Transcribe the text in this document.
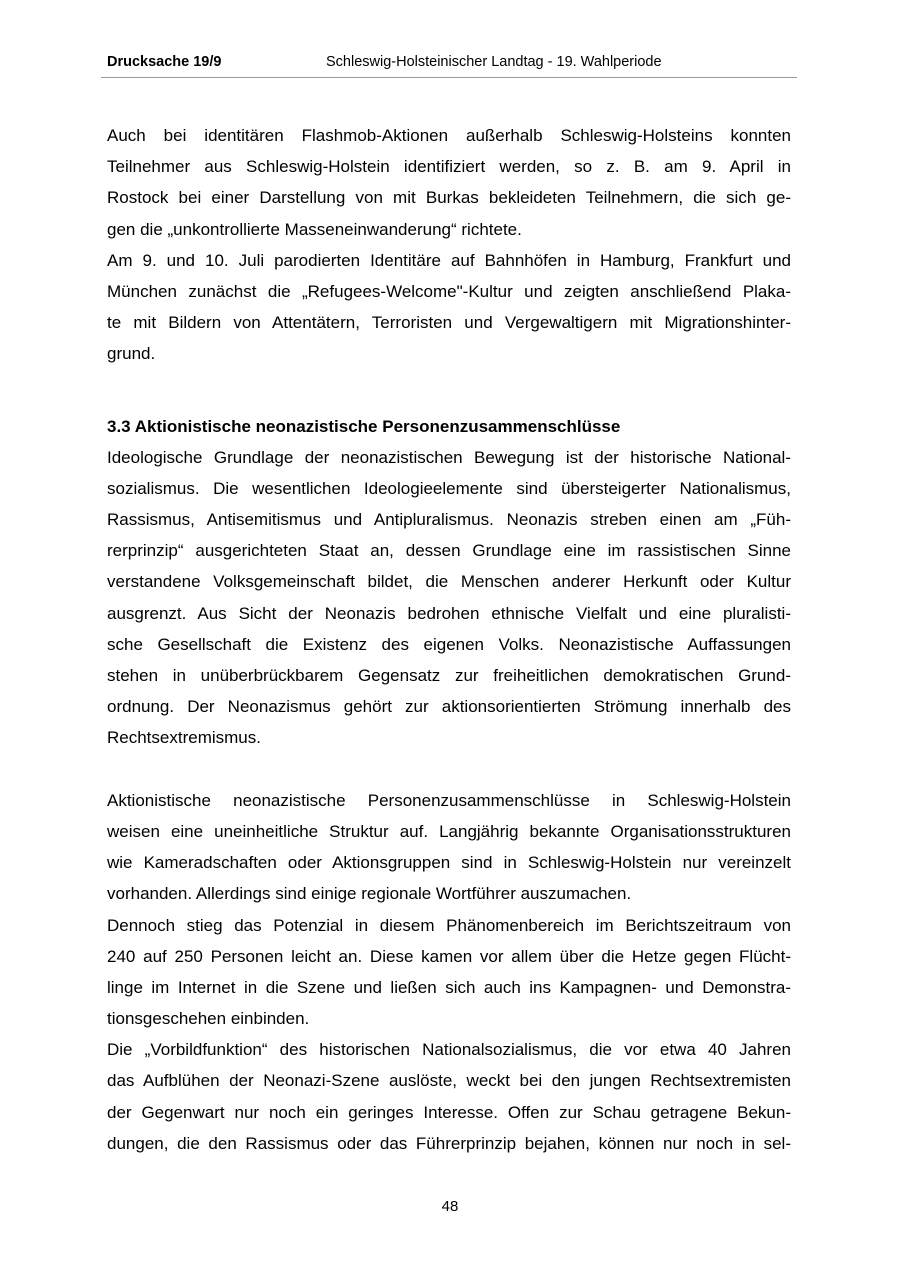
Drucksache 19/9	Schleswig-Holsteinischer Landtag - 19. Wahlperiode
Auch bei identitären Flashmob-Aktionen außerhalb Schleswig-Holsteins konnten
Teilnehmer aus Schleswig-Holstein identifiziert werden, so z. B. am 9. April in
Rostock bei einer Darstellung von mit Burkas bekleideten Teilnehmern, die sich ge-
gen die „unkontrollierte Masseneinwanderung“ richtete.
Am 9. und 10. Juli parodierten Identitäre auf Bahnhöfen in Hamburg, Frankfurt und
München zunächst die „Refugees-Welcome"-Kultur und zeigten anschließend Plaka-
te mit Bildern von Attentätern, Terroristen und Vergewaltigern mit Migrationshinter-
grund.
3.3 Aktionistische neonazistische Personenzusammenschlüsse
Ideologische Grundlage der neonazistischen Bewegung ist der historische National-
sozialismus. Die wesentlichen Ideologieelemente sind übersteigerter Nationalismus,
Rassismus, Antisemitismus und Antipluralismus. Neonazis streben einen am „Füh-
rerprinzip“ ausgerichteten Staat an, dessen Grundlage eine im rassistischen Sinne
verstandene Volksgemeinschaft bildet, die Menschen anderer Herkunft oder Kultur
ausgrenzt. Aus Sicht der Neonazis bedrohen ethnische Vielfalt und eine pluralisti-
sche Gesellschaft die Existenz des eigenen Volks. Neonazistische Auffassungen
stehen in unüberbrückbarem Gegensatz zur freiheitlichen demokratischen Grund-
ordnung. Der Neonazismus gehört zur aktionsorientierten Strömung innerhalb des
Rechtsextremismus.
Aktionistische neonazistische Personenzusammenschlüsse in Schleswig-Holstein
weisen eine uneinheitliche Struktur auf. Langjährig bekannte Organisationsstrukturen
wie Kameradschaften oder Aktionsgruppen sind in Schleswig-Holstein nur vereinzelt
vorhanden. Allerdings sind einige regionale Wortführer auszumachen.
Dennoch stieg das Potenzial in diesem Phänomenbereich im Berichtszeitraum von
240 auf 250 Personen leicht an. Diese kamen vor allem über die Hetze gegen Flücht-
linge im Internet in die Szene und ließen sich auch ins Kampagnen- und Demonstra-
tionsgeschehen einbinden.
Die „Vorbildfunktion“ des historischen Nationalsozialismus, die vor etwa 40 Jahren
das Aufblühen der Neonazi-Szene auslöste, weckt bei den jungen Rechtsextremisten
der Gegenwart nur noch ein geringes Interesse. Offen zur Schau getragene Bekun-
dungen, die den Rassismus oder das Führerprinzip bejahen, können nur noch in sel-
48
